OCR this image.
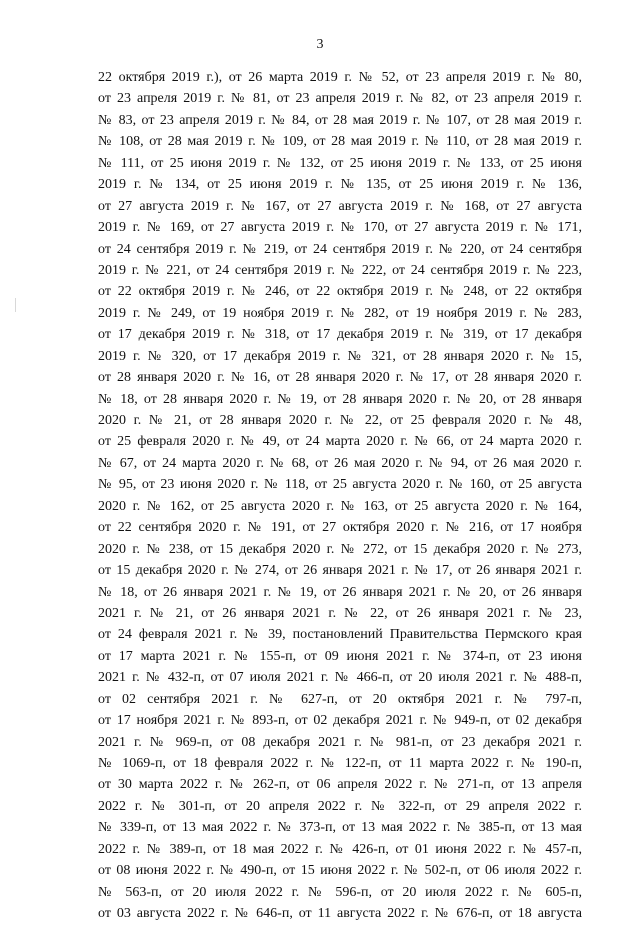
3
22 октября 2019 г.), от 26 марта 2019 г. № 52, от 23 апреля 2019 г. № 80,
от 23 апреля 2019 г. № 81, от 23 апреля 2019 г. № 82, от 23 апреля 2019 г.
№ 83, от 23 апреля 2019 г. № 84, от 28 мая 2019 г. № 107, от 28 мая 2019 г.
№ 108, от 28 мая 2019 г. № 109, от 28 мая 2019 г. № 110, от 28 мая 2019 г.
№ 111, от 25 июня 2019 г. № 132, от 25 июня 2019 г. № 133, от 25 июня
2019 г. № 134, от 25 июня 2019 г. № 135, от 25 июня 2019 г. № 136,
от 27 августа 2019 г. № 167, от 27 августа 2019 г. № 168, от 27 августа
2019 г. № 169, от 27 августа 2019 г. № 170, от 27 августа 2019 г. № 171,
от 24 сентября 2019 г. № 219, от 24 сентября 2019 г. № 220, от 24 сентября
2019 г. № 221, от 24 сентября 2019 г. № 222, от 24 сентября 2019 г. № 223,
от 22 октября 2019 г. № 246, от 22 октября 2019 г. № 248, от 22 октября
2019 г. № 249, от 19 ноября 2019 г. № 282, от 19 ноября 2019 г. № 283,
от 17 декабря 2019 г. № 318, от 17 декабря 2019 г. № 319, от 17 декабря
2019 г. № 320, от 17 декабря 2019 г. № 321, от 28 января 2020 г. № 15,
от 28 января 2020 г. № 16, от 28 января 2020 г. № 17, от 28 января 2020 г.
№ 18, от 28 января 2020 г. № 19, от 28 января 2020 г. № 20, от 28 января
2020 г. № 21, от 28 января 2020 г. № 22, от 25 февраля 2020 г. № 48,
от 25 февраля 2020 г. № 49, от 24 марта 2020 г. № 66, от 24 марта 2020 г.
№ 67, от 24 марта 2020 г. № 68, от 26 мая 2020 г. № 94, от 26 мая 2020 г.
№ 95, от 23 июня 2020 г. № 118, от 25 августа 2020 г. № 160, от 25 августа
2020 г. № 162, от 25 августа 2020 г. № 163, от 25 августа 2020 г. № 164,
от 22 сентября 2020 г. № 191, от 27 октября 2020 г. № 216, от 17 ноября
2020 г. № 238, от 15 декабря 2020 г. № 272, от 15 декабря 2020 г. № 273,
от 15 декабря 2020 г. № 274, от 26 января 2021 г. № 17, от 26 января 2021 г.
№ 18, от 26 января 2021 г. № 19, от 26 января 2021 г. № 20, от 26 января
2021 г. № 21, от 26 января 2021 г. № 22, от 26 января 2021 г. № 23,
от 24 февраля 2021 г. № 39, постановлений Правительства Пермского края
от 17 марта 2021 г. № 155-п, от 09 июня 2021 г. № 374-п, от 23 июня
2021 г. № 432-п, от 07 июля 2021 г. № 466-п, от 20 июля 2021 г. № 488-п,
от 02 сентября 2021 г. № 627-п, от 20 октября 2021 г. № 797-п,
от 17 ноября 2021 г. № 893-п, от 02 декабря 2021 г. № 949-п, от 02 декабря
2021 г. № 969-п, от 08 декабря 2021 г. № 981-п, от 23 декабря 2021 г.
№ 1069-п, от 18 февраля 2022 г. № 122-п, от 11 марта 2022 г. № 190-п,
от 30 марта 2022 г. № 262-п, от 06 апреля 2022 г. № 271-п, от 13 апреля
2022 г. № 301-п, от 20 апреля 2022 г. № 322-п, от 29 апреля 2022 г.
№ 339-п, от 13 мая 2022 г. № 373-п, от 13 мая 2022 г. № 385-п, от 13 мая
2022 г. № 389-п, от 18 мая 2022 г. № 426-п, от 01 июня 2022 г. № 457-п,
от 08 июня 2022 г. № 490-п, от 15 июня 2022 г. № 502-п, от 06 июля 2022 г.
№ 563-п, от 20 июля 2022 г. № 596-п, от 20 июля 2022 г. № 605-п,
от 03 августа 2022 г. № 646-п, от 11 августа 2022 г. № 676-п, от 18 августа
